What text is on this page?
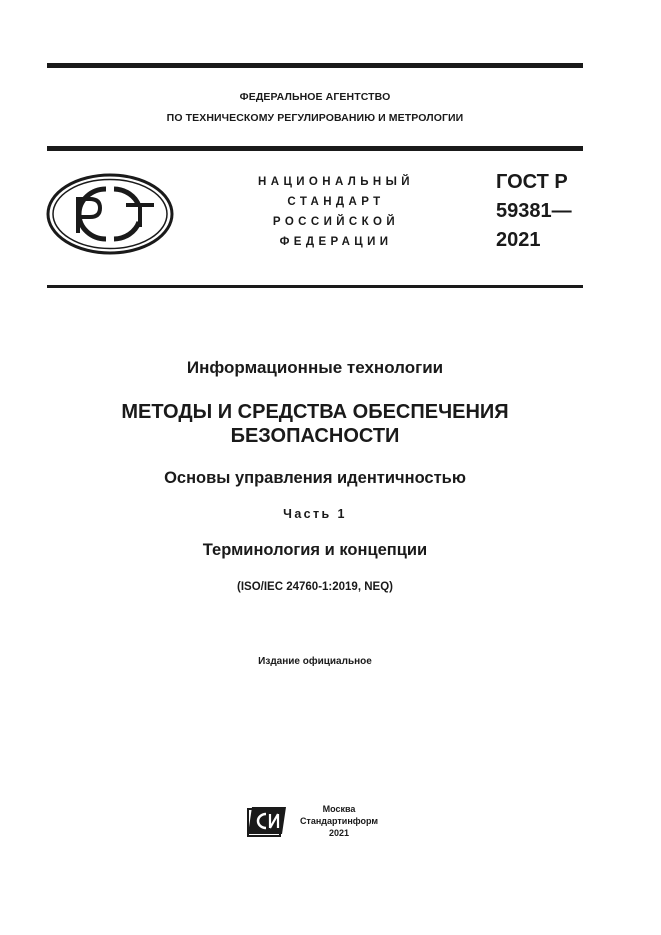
ФЕДЕРАЛЬНОЕ АГЕНТСТВО
ПО ТЕХНИЧЕСКОМУ РЕГУЛИРОВАНИЮ И МЕТРОЛОГИИ
НАЦИОНАЛЬНЫЙ
СТАНДАРТ
РОССИЙСКОЙ
ФЕДЕРАЦИИ
ГОСТ Р
59381—
2021
Информационные технологии
МЕТОДЫ И СРЕДСТВА ОБЕСПЕЧЕНИЯ
БЕЗОПАСНОСТИ
Основы управления идентичностью
Часть 1
Терминология и концепции
(ISO/IEC 24760-1:2019, NEQ)
Издание официальное
Москва
Стандартинформ
2021
